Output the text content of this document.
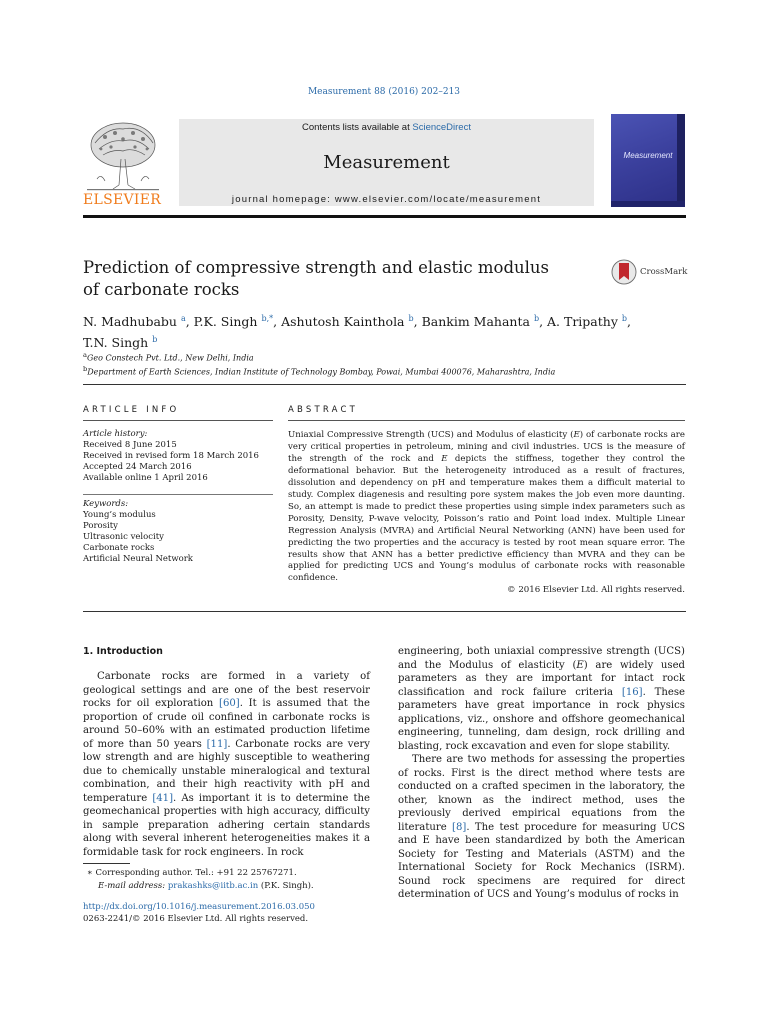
Measurement 88 (2016) 202–213
ELSEVIER
Contents lists available at ScienceDirect
Measurement
journal homepage: www.elsevier.com/locate/measurement
Measurement
Prediction of compressive strength and elastic modulus
of carbonate rocks
CrossMark
N. Madhubabu $^a$, P.K. Singh $^{b,*}$, Ashutosh Kainthola $^b$, Bankim Mahanta $^b$, A. Tripathy $^b$,
T.N. Singh $^b$
$^a$Geo Constech Pvt. Ltd., New Delhi, India
$^b$Department of Earth Sciences, Indian Institute of Technology Bombay, Powai, Mumbai 400076, Maharashtra, India
ARTICLE INFO	ABSTRACT
Article history:
Received 8 June 2015
Received in revised form 18 March 2016
Accepted 24 March 2016
Available online 1 April 2016
Keywords:
Young’s modulus
Porosity
Ultrasonic velocity
Carbonate rocks
Artificial Neural Network
Uniaxial Compressive Strength (UCS) and Modulus of elasticity (E) of carbonate rocks are very critical properties in petroleum, mining and civil industries. UCS is the measure of the strength of the rock and E depicts the stiffness, together they control the deformational behavior. But the heterogeneity introduced as a result of fractures, dissolution and dependency on pH and temperature makes them a difficult material to study. Complex diagenesis and resulting pore system makes the job even more daunting. So, an attempt is made to predict these properties using simple index parameters such as Porosity, Density, P-wave velocity, Poisson’s ratio and Point load index. Multiple Linear Regression Analysis (MVRA) and Artificial Neural Networking (ANN) have been used for predicting the two properties and the accuracy is tested by root mean square error. The results show that ANN has a better predictive efficiency than MVRA and they can be applied for predicting UCS and Young’s modulus of carbonate rocks with reasonable confidence.
© 2016 Elsevier Ltd. All rights reserved.
1. Introduction

Carbonate rocks are formed in a variety of geological settings and are one of the best reservoir rocks for oil exploration [60]. It is assumed that the proportion of crude oil confined in carbonate rocks is around 50–60% with an estimated production lifetime of more than 50 years [11]. Carbonate rocks are very low strength and are highly susceptible to weathering due to chemically unstable mineralogical and textural combination, and their high reactivity with pH and temperature [41]. As important it is to determine the geomechanical properties with high accuracy, difficulty in sample preparation adhering certain standards along with several inherent heterogeneities makes it a formidable task for rock engineers. In rock

engineering, both uniaxial compressive strength (UCS) and the Modulus of elasticity (E) are widely used parameters as they are important for intact rock classification and rock failure criteria [16]. These parameters have great importance in rock physics applications, viz., onshore and offshore geomechanical engineering, tunneling, dam design, rock drilling and blasting, rock excavation and even for slope stability.

There are two methods for assessing the properties of rocks. First is the direct method where tests are conducted on a crafted specimen in the laboratory, the other, known as the indirect method, uses the previously derived empirical equations from the literature [8]. The test procedure for measuring UCS and E have been standardized by both the American Society for Testing and Materials (ASTM) and the International Society for Rock Mechanics (ISRM). Sound rock specimens are required for direct determination of UCS and Young’s modulus of rocks in

∗ Corresponding author. Tel.: +91 22 25767271.
E-mail address: prakashks@iitb.ac.in (P.K. Singh).
http://dx.doi.org/10.1016/j.measurement.2016.03.050
0263-2241/© 2016 Elsevier Ltd. All rights reserved.
